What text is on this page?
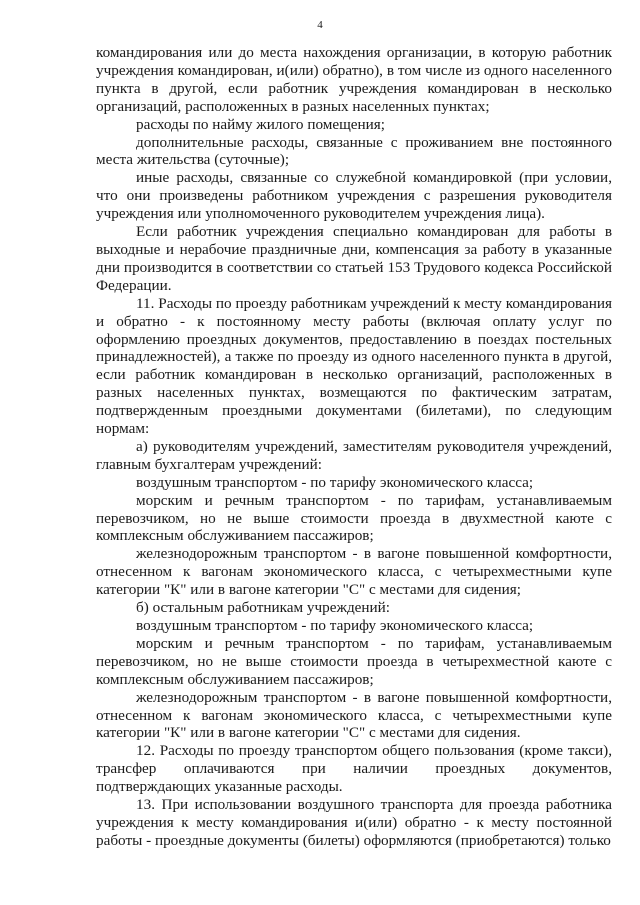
4

командирования или до места нахождения организации, в которую работник учреждения командирован, и(или) обратно), в том числе из одного населенного пункта в другой, если работник учреждения командирован в несколько организаций, расположенных в разных населенных пунктах;

расходы по найму жилого помещения;

дополнительные расходы, связанные с проживанием вне постоянного места жительства (суточные);

иные расходы, связанные со служебной командировкой (при условии, что они произведены работником учреждения с разрешения руководителя учреждения или уполномоченного руководителем учреждения лица).

Если работник учреждения специально командирован для работы в выходные и нерабочие праздничные дни, компенсация за работу в указанные дни производится в соответствии со статьей 153 Трудового кодекса Российской Федерации.

11. Расходы по проезду работникам учреждений к месту командирования и обратно - к постоянному месту работы (включая оплату услуг по оформлению проездных документов, предоставлению в поездах постельных принадлежностей), а также по проезду из одного населенного пункта в другой, если работник командирован в несколько организаций, расположенных в разных населенных пунктах, возмещаются по фактическим затратам, подтвержденным проездными документами (билетами), по следующим нормам:

а) руководителям учреждений, заместителям руководителя учреждений, главным бухгалтерам учреждений:

воздушным транспортом - по тарифу экономического класса;

морским и речным транспортом - по тарифам, устанавливаемым перевозчиком, но не выше стоимости проезда в двухместной каюте с комплексным обслуживанием пассажиров;

железнодорожным транспортом - в вагоне повышенной комфортности, отнесенном к вагонам экономического класса, с четырехместными купе категории "К" или в вагоне категории "С" с местами для сидения;

б) остальным работникам учреждений:

воздушным транспортом - по тарифу экономического класса;

морским и речным транспортом - по тарифам, устанавливаемым перевозчиком, но не выше стоимости проезда в четырехместной каюте с комплексным обслуживанием пассажиров;

железнодорожным транспортом - в вагоне повышенной комфортности, отнесенном к вагонам экономического класса, с четырехместными купе категории "К" или в вагоне категории "С" с местами для сидения.

12. Расходы по проезду транспортом общего пользования (кроме такси), трансфер оплачиваются при наличии проездных документов, подтверждающих указанные расходы.

13. При использовании воздушного транспорта для проезда работника учреждения к месту командирования и(или) обратно - к месту постоянной работы - проездные документы (билеты) оформляются (приобретаются) только
